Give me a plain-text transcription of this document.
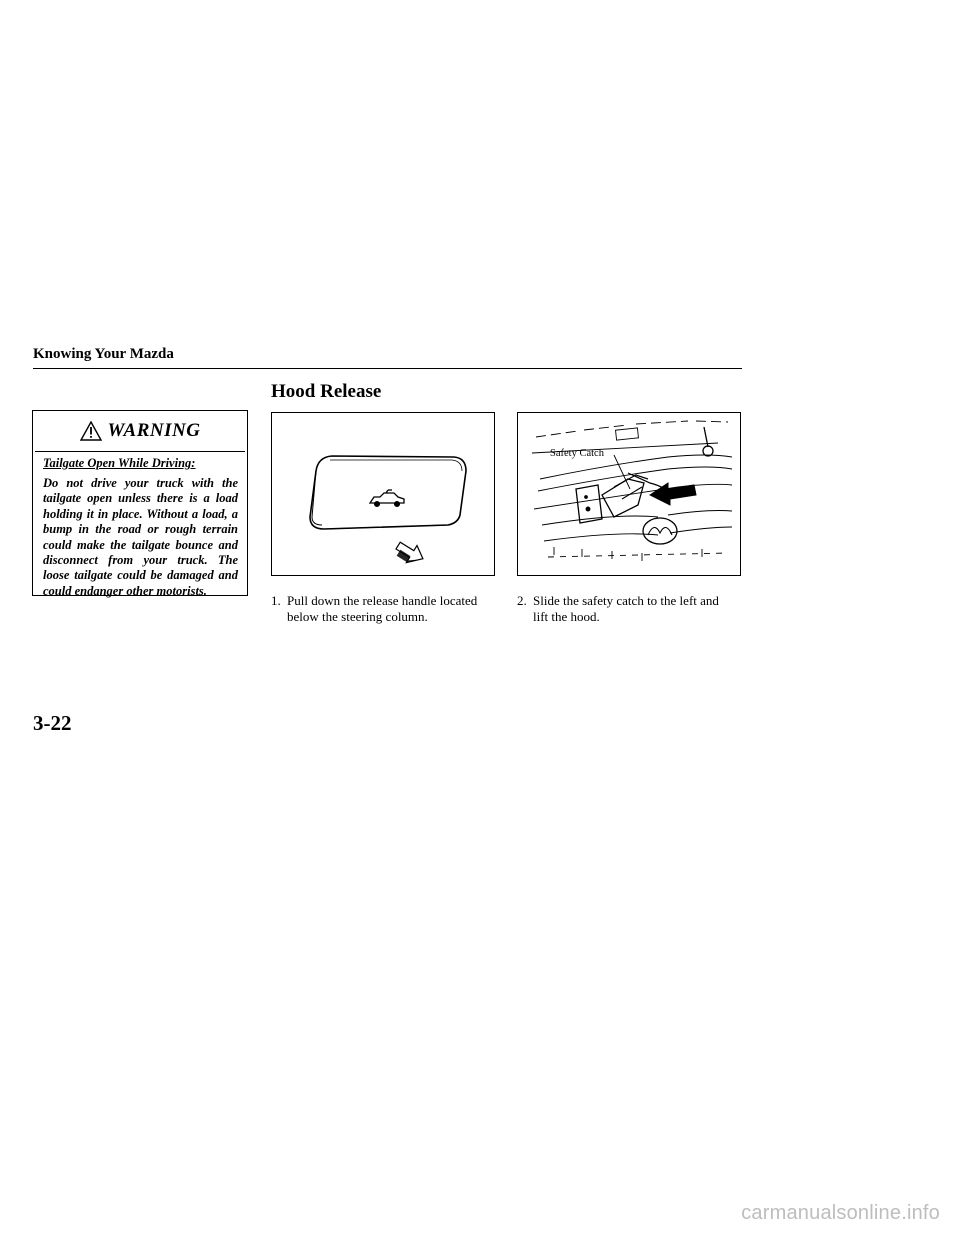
Knowing Your Mazda
Hood Release
WARNING

Tailgate Open While Driving:

Do not drive your truck with the tailgate open unless there is a load holding it in place. Without a load, a bump in the road or rough terrain could make the tailgate bounce and disconnect from your truck. The loose tailgate could be damaged and could endanger other motorists.

Safety Catch
1. Pull down the release handle located
below the steering column.
2. Slide the safety catch to the left and
lift the hood.
3-22
carmanualsonline.info
